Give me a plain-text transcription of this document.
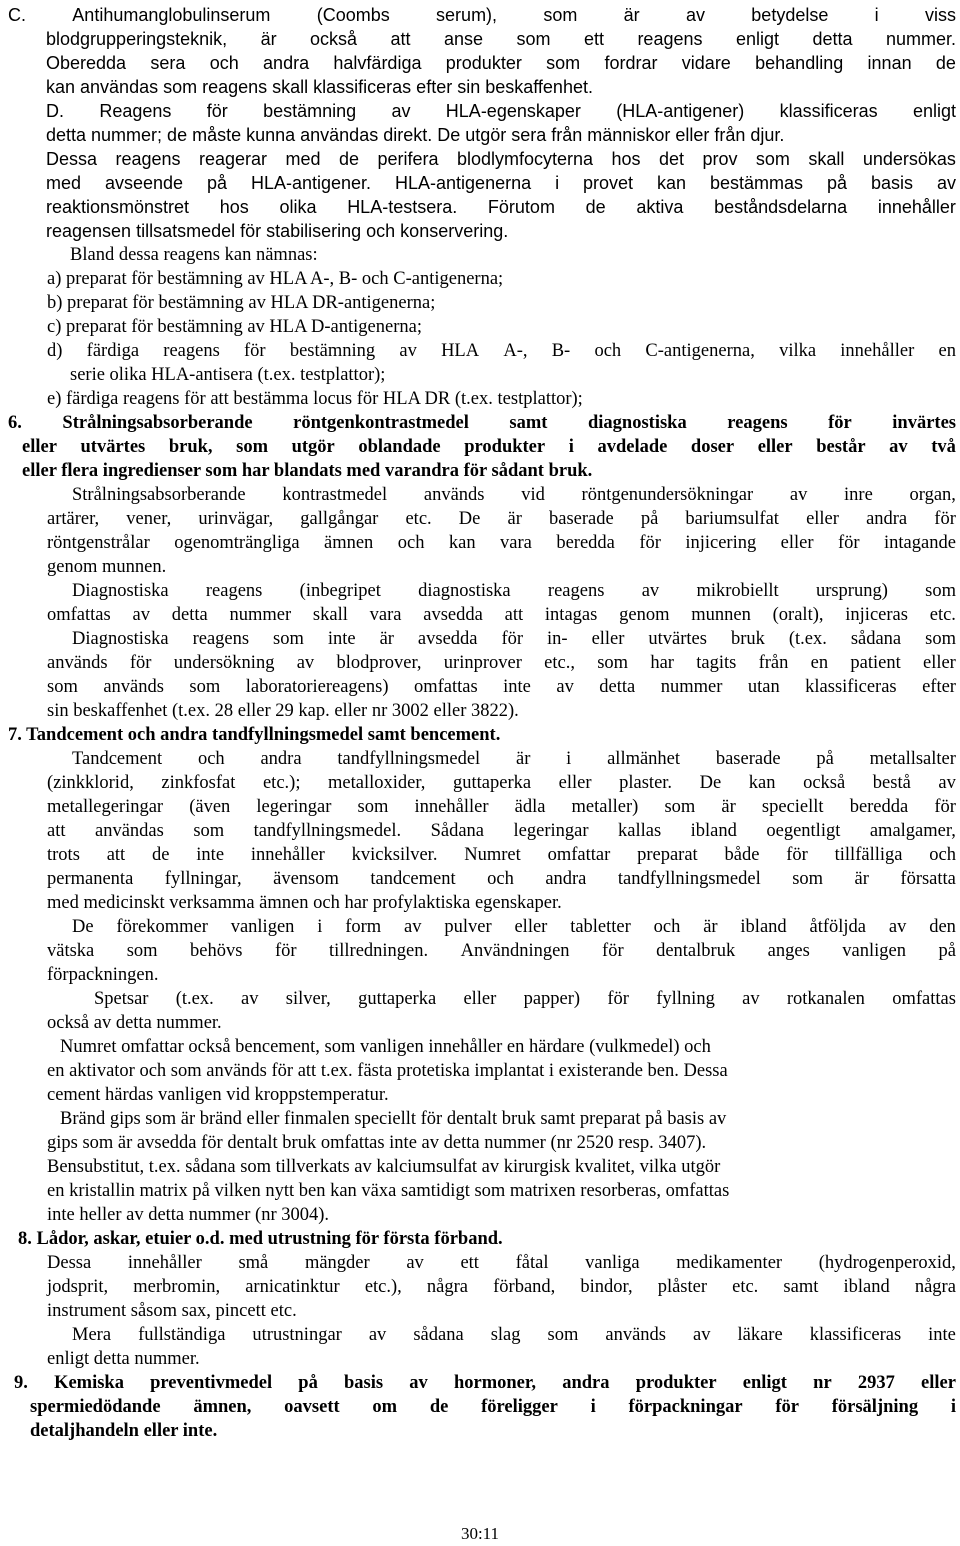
C.	Antihumanglobulinserum	(Coombs	serum),	som	är	av	betydelse	i	viss
blodgrupperingsteknik, är också att anse som ett reagens enligt detta nummer.
Oberedda sera och andra halvfärdiga produkter som fordrar vidare behandling innan de
kan användas som reagens skall klassificeras efter sin beskaffenhet.
D. Reagens för bestämning av HLA-egenskaper (HLA-antigener) klassificeras enligt
detta nummer; de måste kunna användas direkt. De utgör sera från människor eller från djur.
Dessa reagens reagerar med de perifera blodlymfocyterna hos det prov som skall undersökas
med avseende på HLA-antigener. HLA-antigenerna i provet kan bestämmas på basis av
reaktionsmönstret hos olika HLA-testsera. Förutom de aktiva beståndsdelarna innehåller
reagensen tillsatsmedel för stabilisering och konservering.
Bland dessa reagens kan nämnas:
a) preparat för bestämning av HLA A-, B- och C-antigenerna;
b) preparat för bestämning av HLA DR-antigenerna;
c) preparat för bestämning av HLA D-antigenerna;
d) färdiga reagens för bestämning av HLA A-, B- och C-antigenerna, vilka innehåller en
serie olika HLA-antisera (t.ex. testplattor);
e) färdiga reagens för att bestämma locus för HLA DR (t.ex. testplattor);
6. Strålningsabsorberande röntgenkontrastmedel samt diagnostiska reagens för invärtes
eller utvärtes bruk, som utgör oblandade produkter i avdelade doser eller består av två
eller flera ingredienser som har blandats med varandra för sådant bruk.
Strålningsabsorberande kontrastmedel används vid röntgenundersökningar av inre organ,
artärer, vener, urinvägar, gallgångar etc. De är baserade på bariumsulfat eller andra för
röntgenstrålar ogenomträngliga ämnen och kan vara beredda för injicering eller för intagande
genom munnen.
Diagnostiska reagens (inbegripet diagnostiska reagens av mikrobiellt ursprung) som
omfattas av detta nummer skall vara avsedda att intagas genom munnen (oralt), injiceras etc.
Diagnostiska reagens som inte är avsedda för in- eller utvärtes bruk (t.ex. sådana som
används för undersökning av blodprover, urinprover etc., som har tagits från en patient eller
som används som laboratoriereagens) omfattas inte av detta nummer utan klassificeras efter
sin beskaffenhet (t.ex. 28 eller 29 kap. eller nr 3002 eller 3822).
7. Tandcement och andra tandfyllningsmedel samt bencement.
Tandcement och andra tandfyllningsmedel är i allmänhet baserade på metallsalter
(zinkklorid, zinkfosfat etc.); metalloxider, guttaperka eller plaster. De kan också bestå av
metallegeringar (även legeringar som innehåller ädla metaller) som är speciellt beredda för
att användas som tandfyllningsmedel. Sådana legeringar kallas ibland oegentligt amalgamer,
trots att de inte innehåller kvicksilver. Numret omfattar preparat både för tillfälliga och
permanenta fyllningar, ävensom tandcement och andra tandfyllningsmedel som är försatta
med medicinskt verksamma ämnen och har profylaktiska egenskaper.
De förekommer vanligen i form av pulver eller tabletter och är ibland åtföljda av den
vätska som behövs för tillredningen. Användningen för dentalbruk anges vanligen på
förpackningen.
Spetsar (t.ex. av silver, guttaperka eller papper) för fyllning av rotkanalen omfattas
också av detta nummer.
Numret omfattar också bencement, som vanligen innehåller en härdare (vulkmedel) och
en aktivator och som används för att t.ex. fästa protetiska implantat i existerande ben. Dessa
cement härdas vanligen vid kroppstemperatur.
Bränd gips som är bränd eller finmalen speciellt för dentalt bruk samt preparat på basis av
gips som är avsedda för dentalt bruk omfattas inte av detta nummer (nr 2520 resp. 3407).
Bensubstitut, t.ex. sådana som tillverkats av kalciumsulfat av kirurgisk kvalitet, vilka utgör
en kristallin matrix på vilken nytt ben kan växa samtidigt som matrixen resorberas, omfattas
inte heller av detta nummer (nr 3004).
8. Lådor, askar, etuier o.d. med utrustning för första förband.
Dessa innehåller små mängder av ett fåtal vanliga medikamenter (hydrogenperoxid,
jodsprit, merbromin, arnicatinktur etc.), några förband, bindor, plåster etc. samt ibland några
instrument såsom sax, pincett etc.
Mera fullständiga utrustningar av sådana slag som används av läkare klassificeras inte
enligt detta nummer.
9. Kemiska preventivmedel på basis av hormoner, andra produkter enligt nr 2937 eller
spermiedödande ämnen, oavsett om de föreligger i förpackningar för försäljning i
detaljhandeln eller inte.
30:11
